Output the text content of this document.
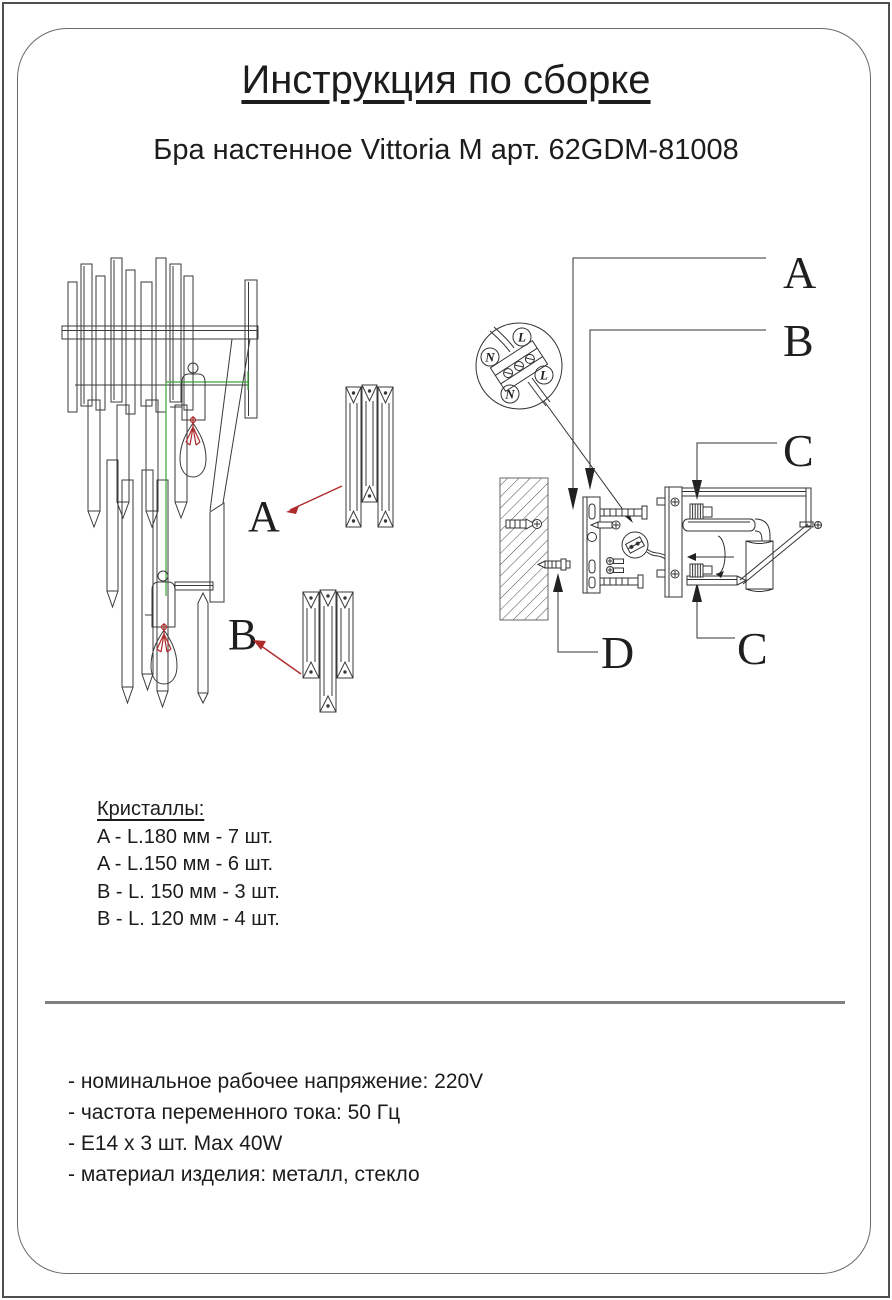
Инструкция по сборке
Бра настенное Vittoria M арт. 62GDM-81008
A
B
N
L
N
L
A
B
C
C
D
Кристаллы:
A - L.180 мм - 7 шт.
A - L.150 мм - 6 шт.
B - L. 150 мм - 3 шт.
B - L. 120 мм - 4 шт.
- номинальное рабочее напряжение: 220V
- частота переменного тока: 50 Гц
- E14 x 3 шт. Max 40W
- материал изделия: металл, стекло
